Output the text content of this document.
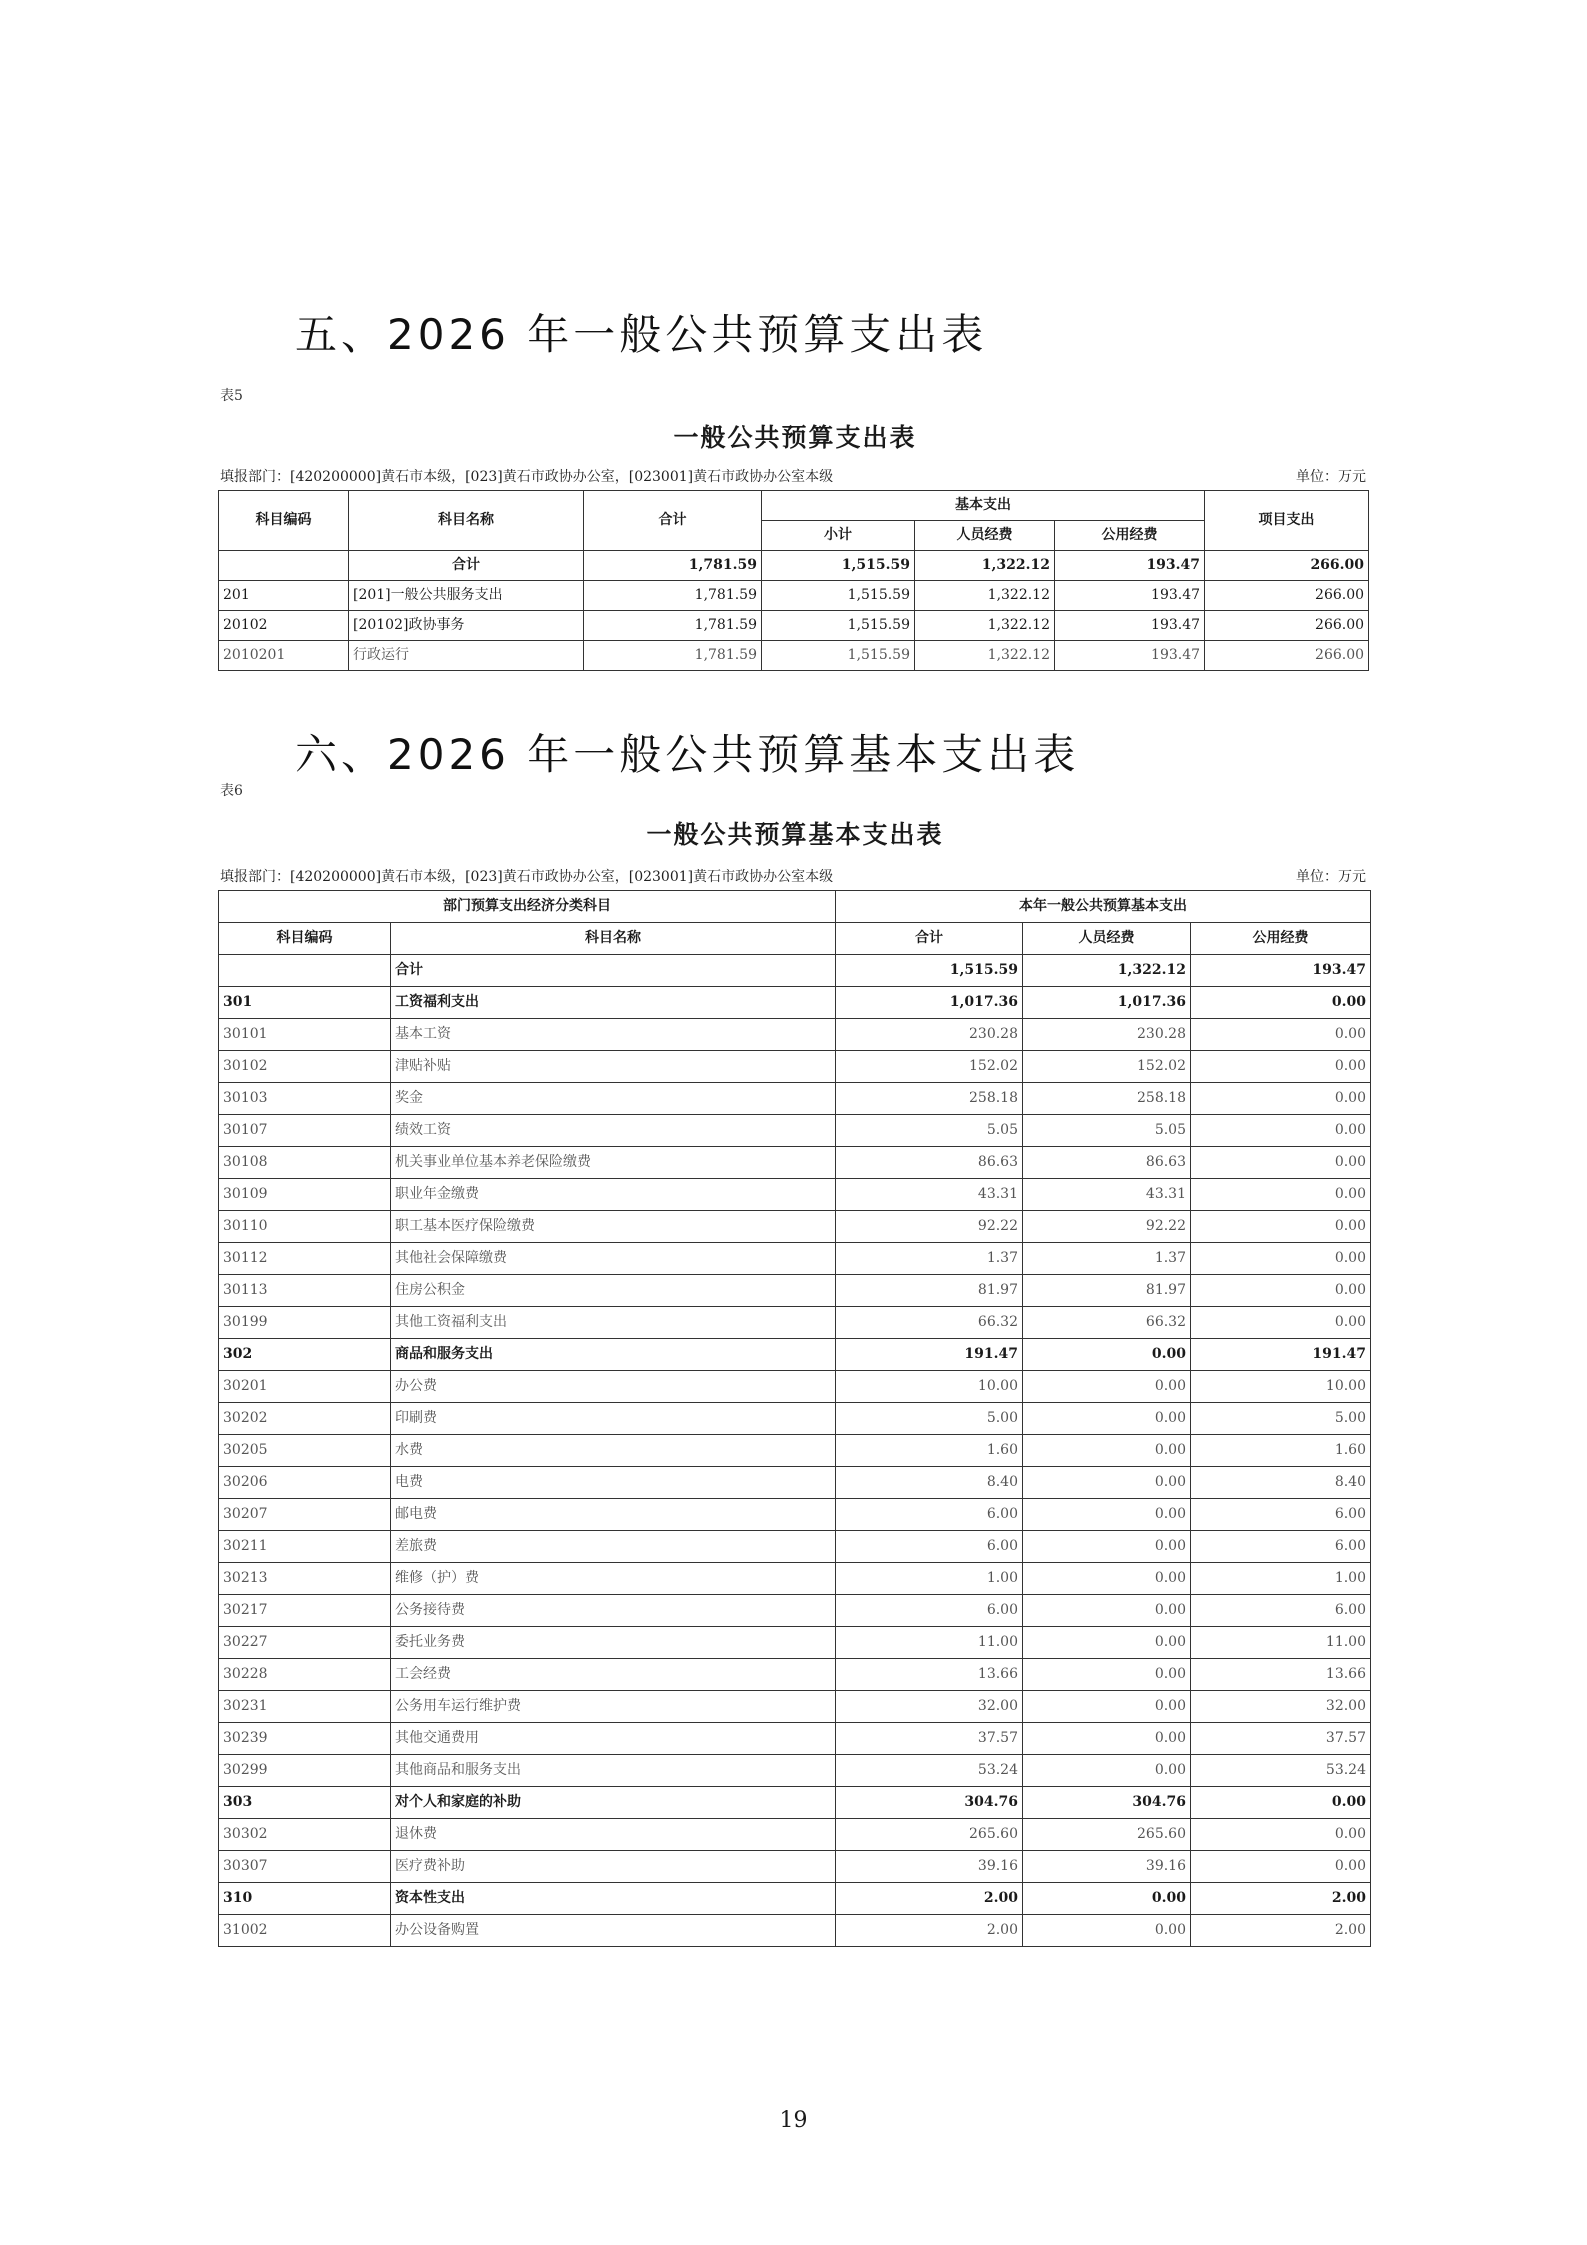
五、2026 年一般公共预算支出表
表5
一般公共预算支出表
填报部门：[420200000]黄石市本级，[023]黄石市政协办公室，[023001]黄石市政协办公室本级	单位：万元
科目编码	科目名称	合计	基本支出			项目支出
			小计	人员经费	公用经费	
	合计	1,781.59	1,515.59	1,322.12	193.47	266.00
201	[201]一般公共服务支出	1,781.59	1,515.59	1,322.12	193.47	266.00
20102	[20102]政协事务	1,781.59	1,515.59	1,322.12	193.47	266.00
2010201	行政运行	1,781.59	1,515.59	1,322.12	193.47	266.00
六、2026 年一般公共预算基本支出表
表6
一般公共预算基本支出表
填报部门：[420200000]黄石市本级，[023]黄石市政协办公室，[023001]黄石市政协办公室本级	单位：万元
部门预算支出经济分类科目		本年一般公共预算基本支出		
科目编码	科目名称	合计	人员经费	公用经费
	合计	1,515.59	1,322.12	193.47
301	工资福利支出	1,017.36	1,017.36	0.00
30101	基本工资	230.28	230.28	0.00
30102	津贴补贴	152.02	152.02	0.00
30103	奖金	258.18	258.18	0.00
30107	绩效工资	5.05	5.05	0.00
30108	机关事业单位基本养老保险缴费	86.63	86.63	0.00
30109	职业年金缴费	43.31	43.31	0.00
30110	职工基本医疗保险缴费	92.22	92.22	0.00
30112	其他社会保障缴费	1.37	1.37	0.00
30113	住房公积金	81.97	81.97	0.00
30199	其他工资福利支出	66.32	66.32	0.00
302	商品和服务支出	191.47	0.00	191.47
30201	办公费	10.00	0.00	10.00
30202	印刷费	5.00	0.00	5.00
30205	水费	1.60	0.00	1.60
30206	电费	8.40	0.00	8.40
30207	邮电费	6.00	0.00	6.00
30211	差旅费	6.00	0.00	6.00
30213	维修（护）费	1.00	0.00	1.00
30217	公务接待费	6.00	0.00	6.00
30227	委托业务费	11.00	0.00	11.00
30228	工会经费	13.66	0.00	13.66
30231	公务用车运行维护费	32.00	0.00	32.00
30239	其他交通费用	37.57	0.00	37.57
30299	其他商品和服务支出	53.24	0.00	53.24
303	对个人和家庭的补助	304.76	304.76	0.00
30302	退休费	265.60	265.60	0.00
30307	医疗费补助	39.16	39.16	0.00
310	资本性支出	2.00	0.00	2.00
31002	办公设备购置	2.00	0.00	2.00
19
